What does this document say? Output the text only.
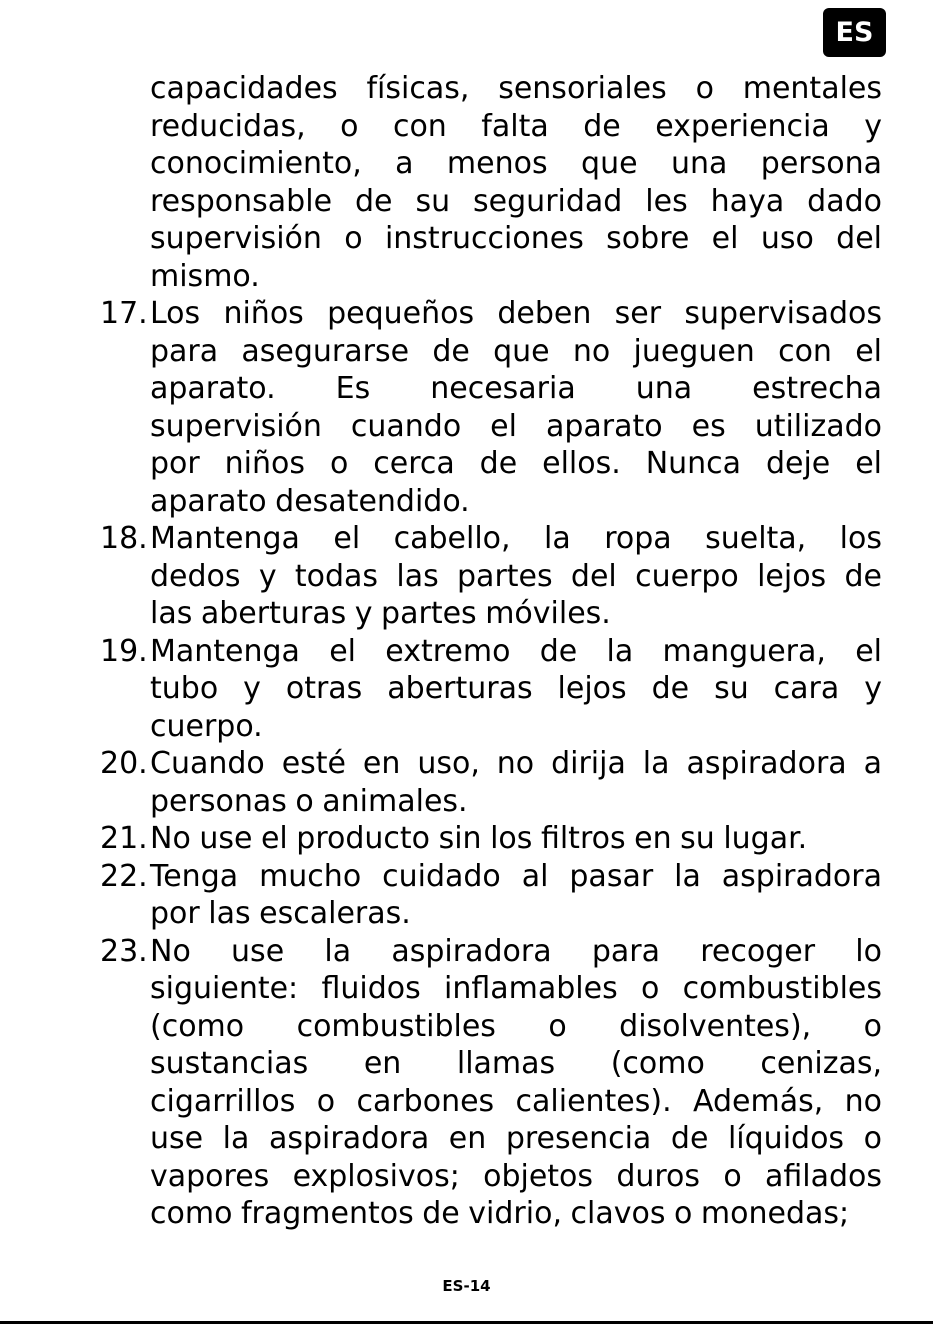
ES
capacidades físicas, sensoriales o mentales
reducidas, o con falta de experiencia y
conocimiento, a menos que una persona
responsable de su seguridad les haya dado
supervisión o instrucciones sobre el uso del
mismo.
17. Los niños pequeños deben ser supervisados
para asegurarse de que no jueguen con el
aparato. Es necesaria una estrecha
supervisión cuando el aparato es utilizado
por niños o cerca de ellos. Nunca deje el
aparato desatendido.
18. Mantenga el cabello, la ropa suelta, los
dedos y todas las partes del cuerpo lejos de
las aberturas y partes móviles.
19. Mantenga el extremo de la manguera, el
tubo y otras aberturas lejos de su cara y
cuerpo.
20. Cuando esté en uso, no dirija la aspiradora a
personas o animales.
21. No use el producto sin los filtros en su lugar.
22. Tenga mucho cuidado al pasar la aspiradora
por las escaleras.
23. No use la aspiradora para recoger lo
siguiente: fluidos inflamables o combustibles
(como combustibles o disolventes), o
sustancias en llamas (como cenizas,
cigarrillos o carbones calientes). Además, no
use la aspiradora en presencia de líquidos o
vapores explosivos; objetos duros o afilados
como fragmentos de vidrio, clavos o monedas;
ES-14
